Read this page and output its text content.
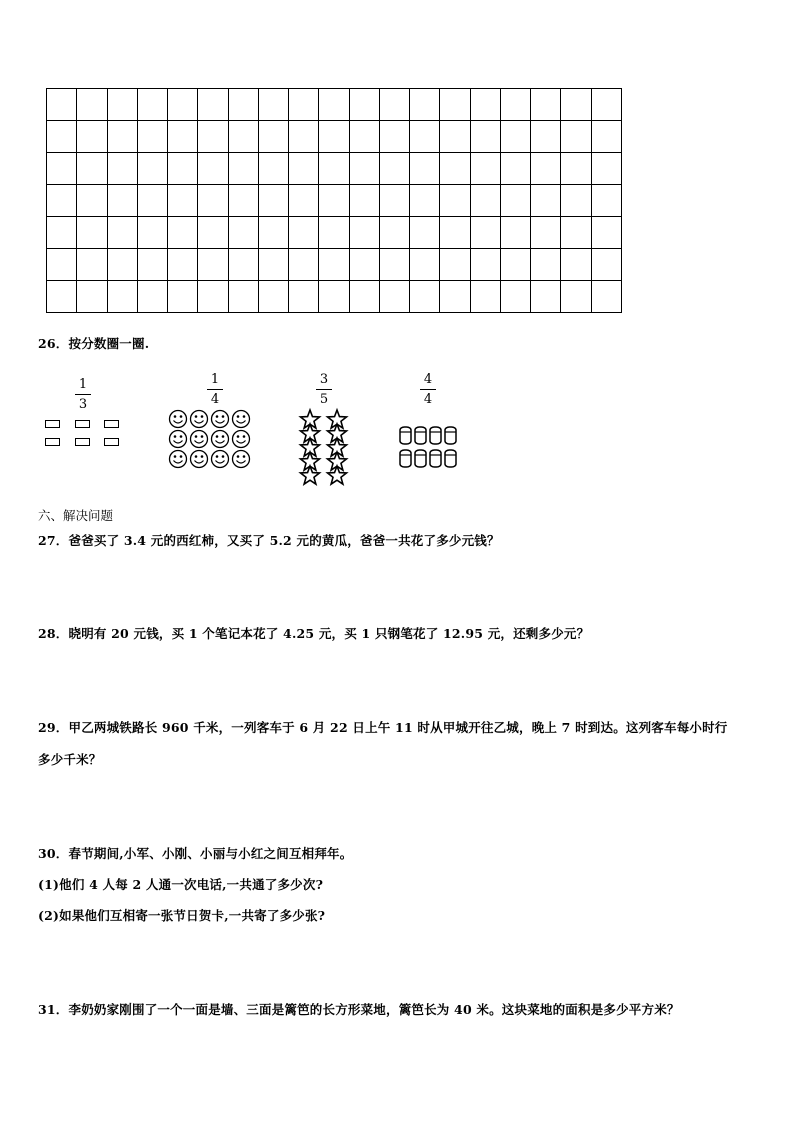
26．按分数圈一圈.
1
3
1
4
3
5
4
4
六、解决问题
27．爸爸买了 3.4 元的西红柿，又买了 5.2 元的黄瓜，爸爸一共花了多少元钱？
28．晓明有 20 元钱，买 1 个笔记本花了 4.25 元，买 1 只钢笔花了 12.95 元，还剩多少元？
29．甲乙两城铁路长 960 千米，一列客车于 6 月 22 日上午 11 时从甲城开往乙城，晚上 7 时到达。这列客车每小时行
多少千米？
30．春节期间,小军、小刚、小丽与小红之间互相拜年。
(1)他们 4 人每 2 人通一次电话,一共通了多少次?
(2)如果他们互相寄一张节日贺卡,一共寄了多少张?
31．李奶奶家刚围了一个一面是墙、三面是篱笆的长方形菜地，篱笆长为 40 米。这块菜地的面积是多少平方米？
